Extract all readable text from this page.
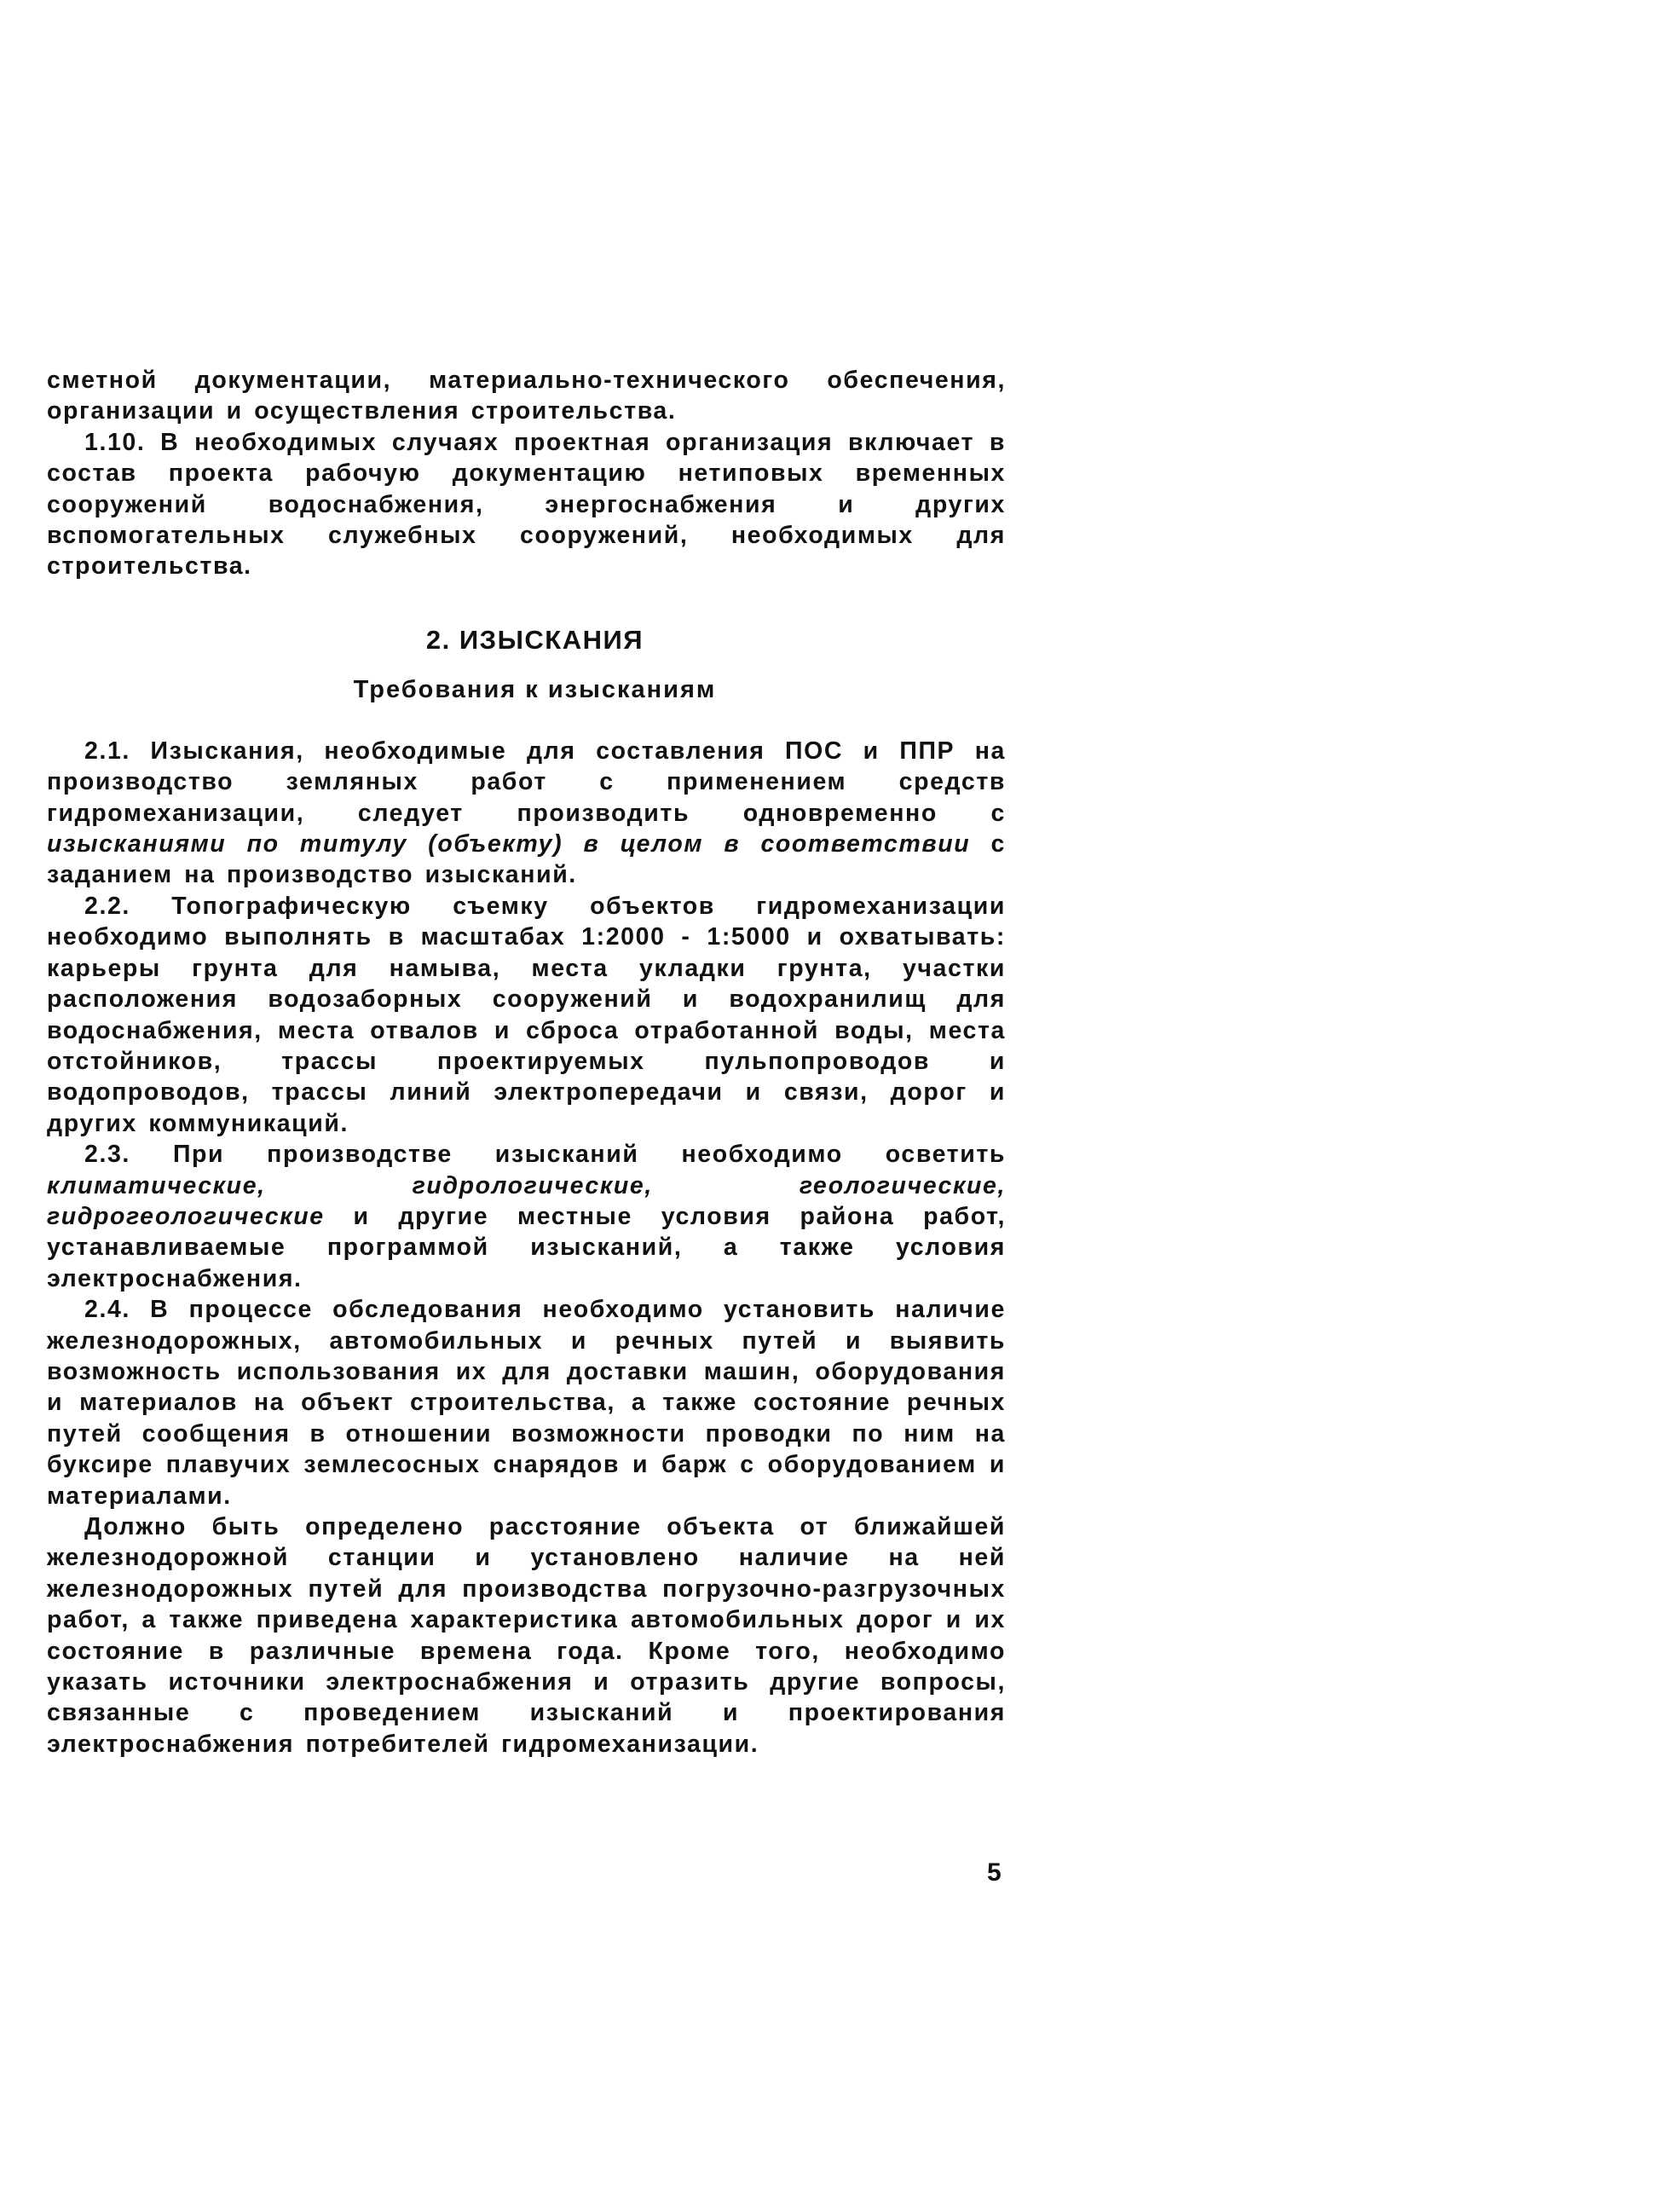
сметной документации, материально-технического обеспечения, организации и осуществления строительства.

1.10. В необходимых случаях проектная организация включает в состав проекта рабочую документацию нетиповых временных сооружений водоснабжения, энергоснабжения и других вспомогательных служебных сооружений, необходимых для строительства.

2. ИЗЫСКАНИЯ
Требования к изысканиям

2.1. Изыскания, необходимые для составления ПОС и ППР на производство земляных работ с применением средств гидромеханизации, следует производить одновременно с изысканиями по титулу (объекту) в целом в соответствии с заданием на производство изысканий.

2.2. Топографическую съемку объектов гидромеханизации необходимо выполнять в масштабах 1:2000 - 1:5000 и охватывать: карьеры грунта для намыва, места укладки грунта, участки расположения водозаборных сооружений и водохранилищ для водоснабжения, места отвалов и сброса отработанной воды, места отстойников, трассы проектируемых пульпопроводов и водопроводов, трассы линий электропередачи и связи, дорог и других коммуникаций.

2.3. При производстве изысканий необходимо осветить климатические, гидрологические, геологические, гидрогеологические и другие местные условия района работ, устанавливаемые программой изысканий, а также условия электроснабжения.

2.4. В процессе обследования необходимо установить наличие железнодорожных, автомобильных и речных путей и выявить возможность использования их для доставки машин, оборудования и материалов на объект строительства, а также состояние речных путей сообщения в отношении возможности проводки по ним на буксире плавучих землесосных снарядов и барж с оборудованием и материалами.

Должно быть определено расстояние объекта от ближайшей железнодорожной станции и установлено наличие на ней железнодорожных путей для производства погрузочно-разгрузочных работ, а также приведена характеристика автомобильных дорог и их состояние в различные времена года. Кроме того, необходимо указать источники электроснабжения и отразить другие вопросы, связанные с проведением изысканий и проектирования электроснабжения потребителей гидромеханизации.

5
